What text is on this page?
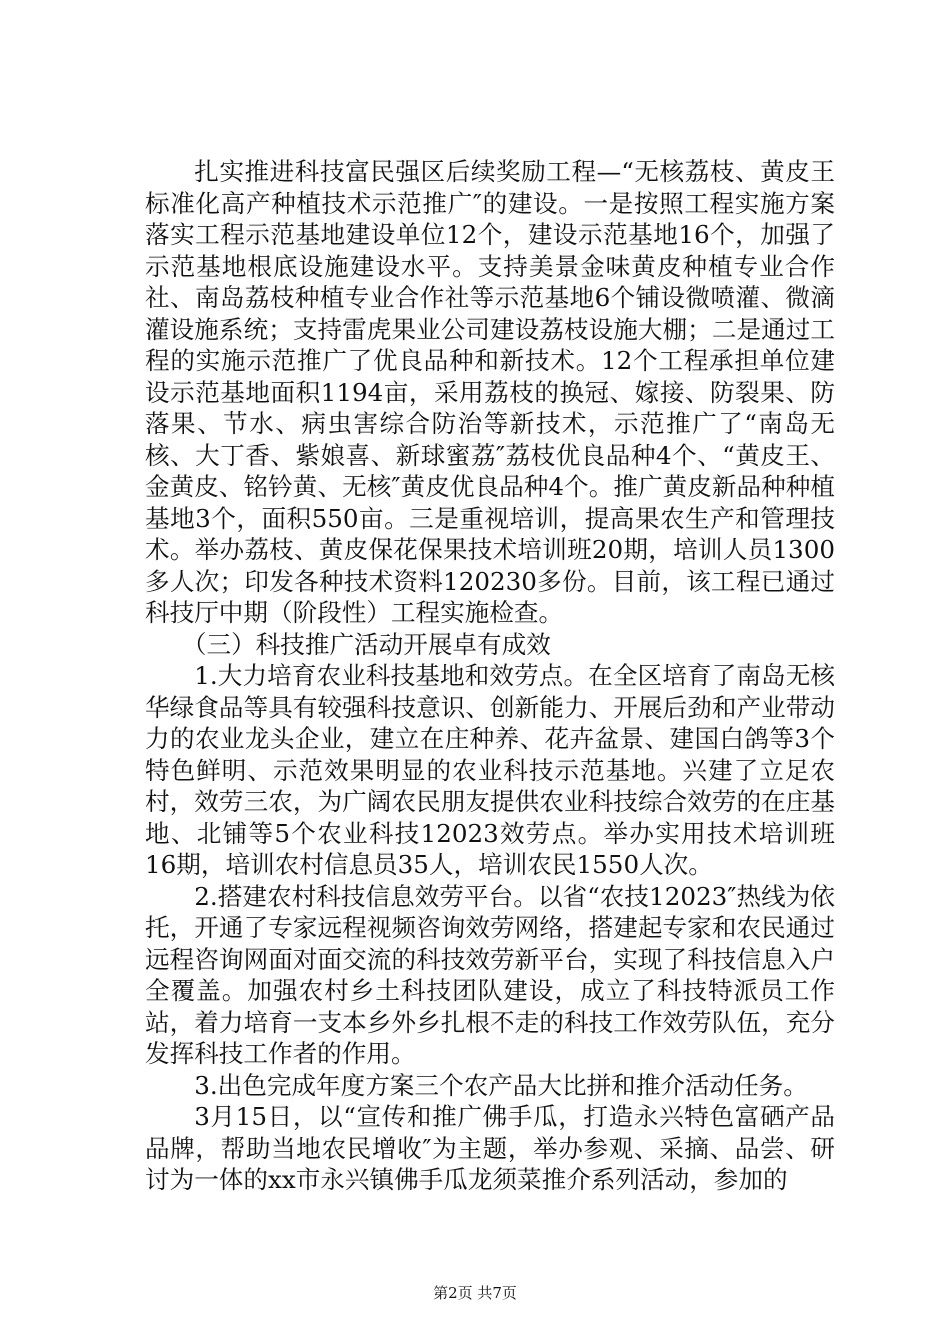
扎实推进科技富民强区后续奖励工程—“无核荔枝、黄皮王标准化高产种植技术示范推广″的建设。一是按照工程实施方案落实工程示范基地建设单位12个，建设示范基地16个，加强了示范基地根底设施建设水平。支持美景金味黄皮种植专业合作社、南岛荔枝种植专业合作社等示范基地6个铺设微喷灌、微滴灌设施系统；支持雷虎果业公司建设荔枝设施大棚；二是通过工程的实施示范推广了优良品种和新技术。12个工程承担单位建设示范基地面积1194亩，采用荔枝的换冠、嫁接、防裂果、防落果、节水、病虫害综合防治等新技术，示范推广了“南岛无核、大丁香、紫娘喜、新球蜜荔″荔枝优良品种4个、“黄皮王、金黄皮、铭钤黄、无核″黄皮优良品种4个。推广黄皮新品种种植基地3个，面积550亩。三是重视培训，提高果农生产和管理技术。举办荔枝、黄皮保花保果技术培训班20期，培训人员1300多人次；印发各种技术资料120230多份。目前，该工程已通过科技厅中期（阶段性）工程实施检查。

（三）科技推广活动开展卓有成效

1.大力培育农业科技基地和效劳点。在全区培育了南岛无核华绿食品等具有较强科技意识、创新能力、开展后劲和产业带动力的农业龙头企业，建立在庄种养、花卉盆景、建国白鸽等3个特色鲜明、示范效果明显的农业科技示范基地。兴建了立足农村，效劳三农，为广阔农民朋友提供农业科技综合效劳的在庄基地、北铺等5个农业科技12023效劳点。举办实用技术培训班16期，培训农村信息员35人，培训农民1550人次。

2.搭建农村科技信息效劳平台。以省“农技12023″热线为依托，开通了专家远程视频咨询效劳网络，搭建起专家和农民通过远程咨询网面对面交流的科技效劳新平台，实现了科技信息入户全覆盖。加强农村乡土科技团队建设，成立了科技特派员工作站，着力培育一支本乡外乡扎根不走的科技工作效劳队伍，充分发挥科技工作者的作用。

3.出色完成年度方案三个农产品大比拼和推介活动任务。

3月15日，以“宣传和推广佛手瓜，打造永兴特色富硒产品品牌，帮助当地农民增收″为主题，举办参观、采摘、品尝、研讨为一体的xx市永兴镇佛手瓜龙须菜推介系列活动，参加的

第2页 共7页
